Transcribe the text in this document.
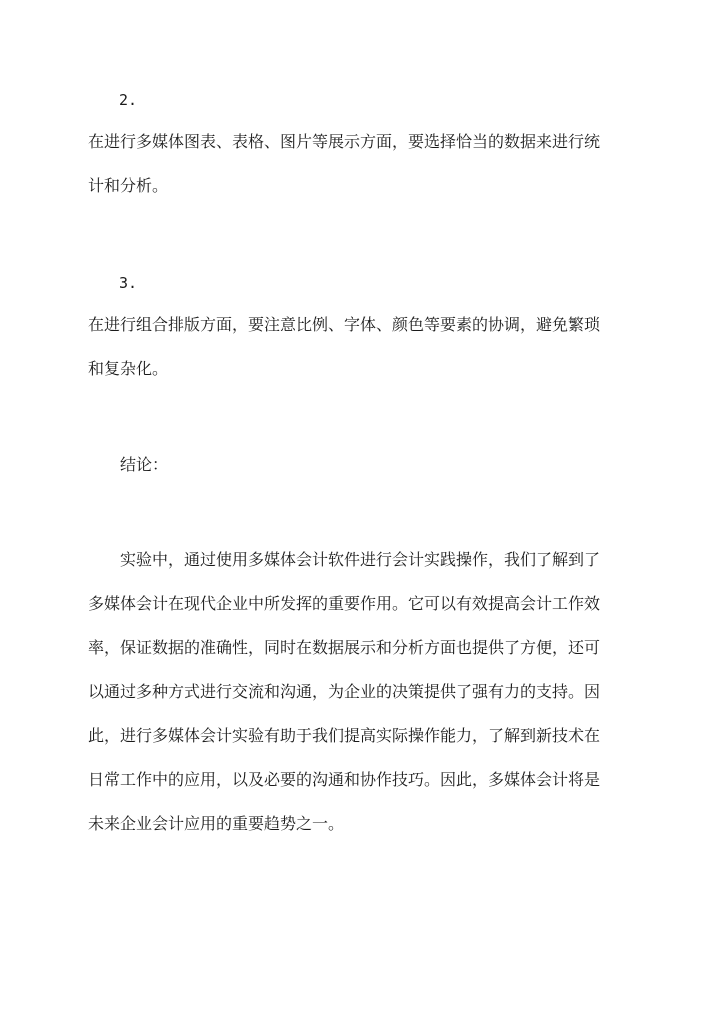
2.
在进行多媒体图表、表格、图片等展示方面，要选择恰当的数据来进行统
计和分析。
3.
在进行组合排版方面，要注意比例、字体、颜色等要素的协调，避免繁琐
和复杂化。
结论：
实验中，通过使用多媒体会计软件进行会计实践操作，我们了解到了
多媒体会计在现代企业中所发挥的重要作用。它可以有效提高会计工作效
率，保证数据的准确性，同时在数据展示和分析方面也提供了方便，还可
以通过多种方式进行交流和沟通，为企业的决策提供了强有力的支持。因
此，进行多媒体会计实验有助于我们提高实际操作能力，了解到新技术在
日常工作中的应用，以及必要的沟通和协作技巧。因此，多媒体会计将是
未来企业会计应用的重要趋势之一。
